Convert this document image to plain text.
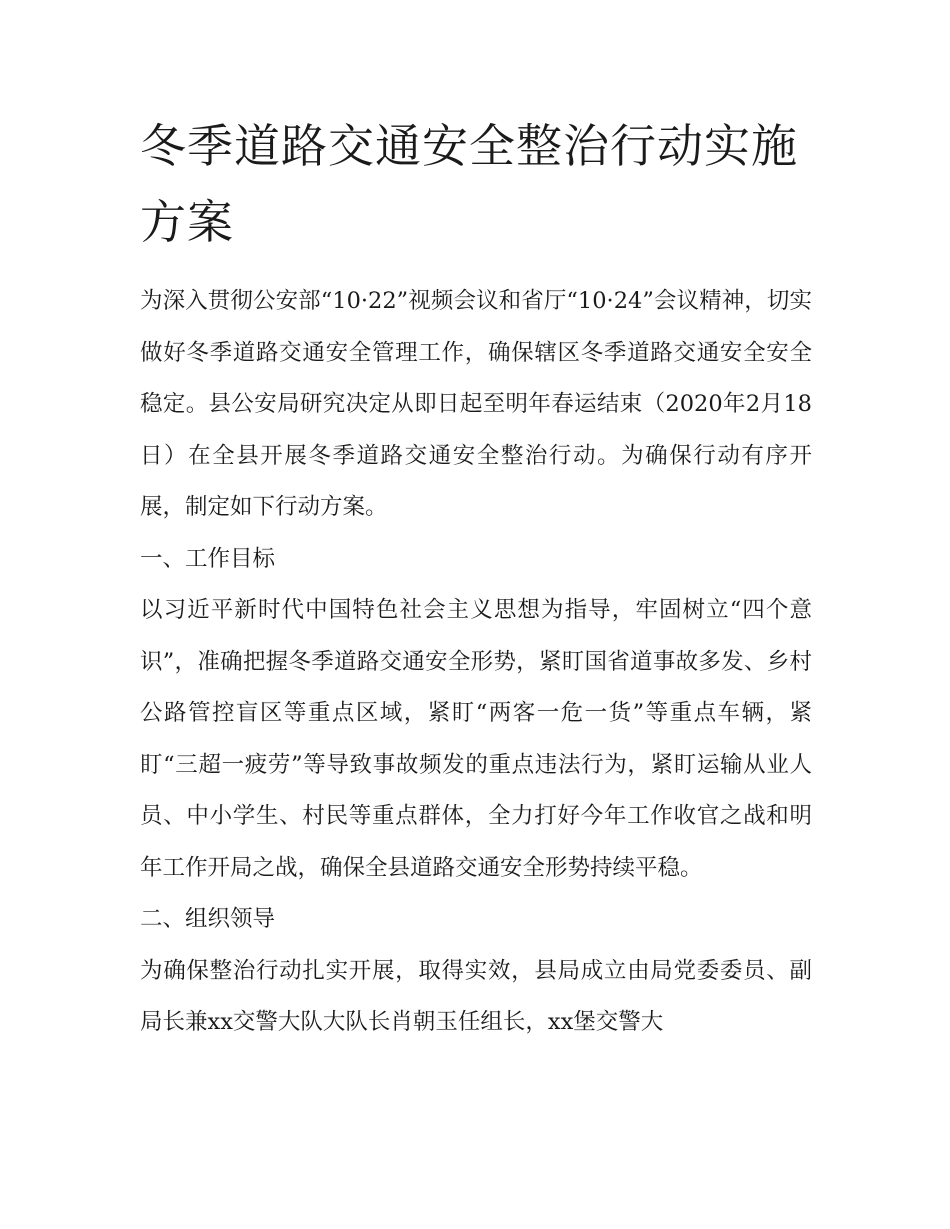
冬季道路交通安全整治行动实施方案

为深入贯彻公安部“10·22”视频会议和省厅“10·24”会议精神，切实做好冬季道路交通安全管理工作，确保辖区冬季道路交通安全安全稳定。县公安局研究决定从即日起至明年春运结束（2020年2月18日）在全县开展冬季道路交通安全整治行动。为确保行动有序开展，制定如下行动方案。

一、工作目标

以习近平新时代中国特色社会主义思想为指导，牢固树立“四个意识”，准确把握冬季道路交通安全形势，紧盯国省道事故多发、乡村公路管控盲区等重点区域，紧盯“两客一危一货”等重点车辆，紧盯“三超一疲劳”等导致事故频发的重点违法行为，紧盯运输从业人员、中小学生、村民等重点群体，全力打好今年工作收官之战和明年工作开局之战，确保全县道路交通安全形势持续平稳。

二、组织领导

为确保整治行动扎实开展，取得实效，县局成立由局党委委员、副局长兼xx交警大队大队长肖朝玉任组长，xx堡交警大
